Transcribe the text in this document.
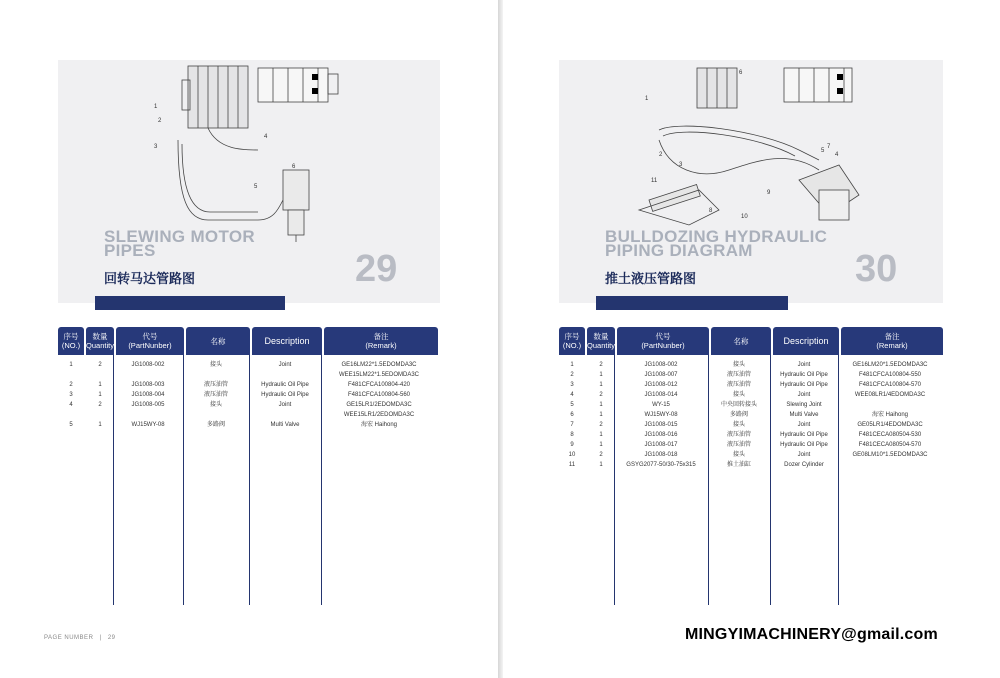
1
2
3
4
5
6
SLEWING MOTOR
PIPES
回转马达管路图	29
序号
(NO.)
数量
(Quantity)
代号
(PartNunber)	名称	Description	备注
(Remark)
1	2	JG1008-002	接头	Joint	GE16LM22*1.5EDOMDA3C
WEE15LM22*1.5EDOMDA3C
2	1	JG1008-003	液压油管	Hydraulic Oil Pipe	F481CFCA100804-420
3	1	JG1008-004	液压油管	Hydraulic Oil Pipe	F481CFCA100804-560
4	2	JG1008-005	接头	Joint	GE15LR1/2EDOMDA3C
WEE15LR1/2EDOMDA3C
5	1	WJ15WY-08	多路阀	Multi Valve	海宏 Haihong
1
2
3
4
5
6
7
8
9
10
11
BULLDOZING HYDRAULIC
PIPING DIAGRAM
推土液压管路图	30
序号
(NO.)
数量
(Quantity)
代号
(PartNunber)	名称	Description	备注
(Remark)
1	2	JG1008-002	接头	Joint	GE16LM20*1.5EDOMDA3C
2	1	JG1008-007	液压油管	Hydraulic Oil Pipe	F481CFCA100804-550
3	1	JG1008-012	液压油管	Hydraulic Oil Pipe	F481CFCA100804-570
4	2	JG1008-014	接头	Joint	WEE08LR1/4EDOMDA3C
5	1	WY-15	中央回转接头	Slewing Joint
6	1	WJ15WY-08	多路阀	Multi Valve	海宏 Haihong
7	2	JG1008-015	接头	Joint	GE05LR1/4EDOMDA3C
8	1	JG1008-016	液压油管	Hydraulic Oil Pipe	F481CECA080504-530
9	1	JG1008-017	液压油管	Hydraulic Oil Pipe	F481CECA080504-570
10	2	JG1008-018	接头	Joint	GE08LM10*1.5EDOMDA3C
11	1	GSYG2077-50/30-75x315	推土油缸	Dozer Cylinder
PAGE NUMBER | 29	MINGYIMACHINERY@gmail.com
